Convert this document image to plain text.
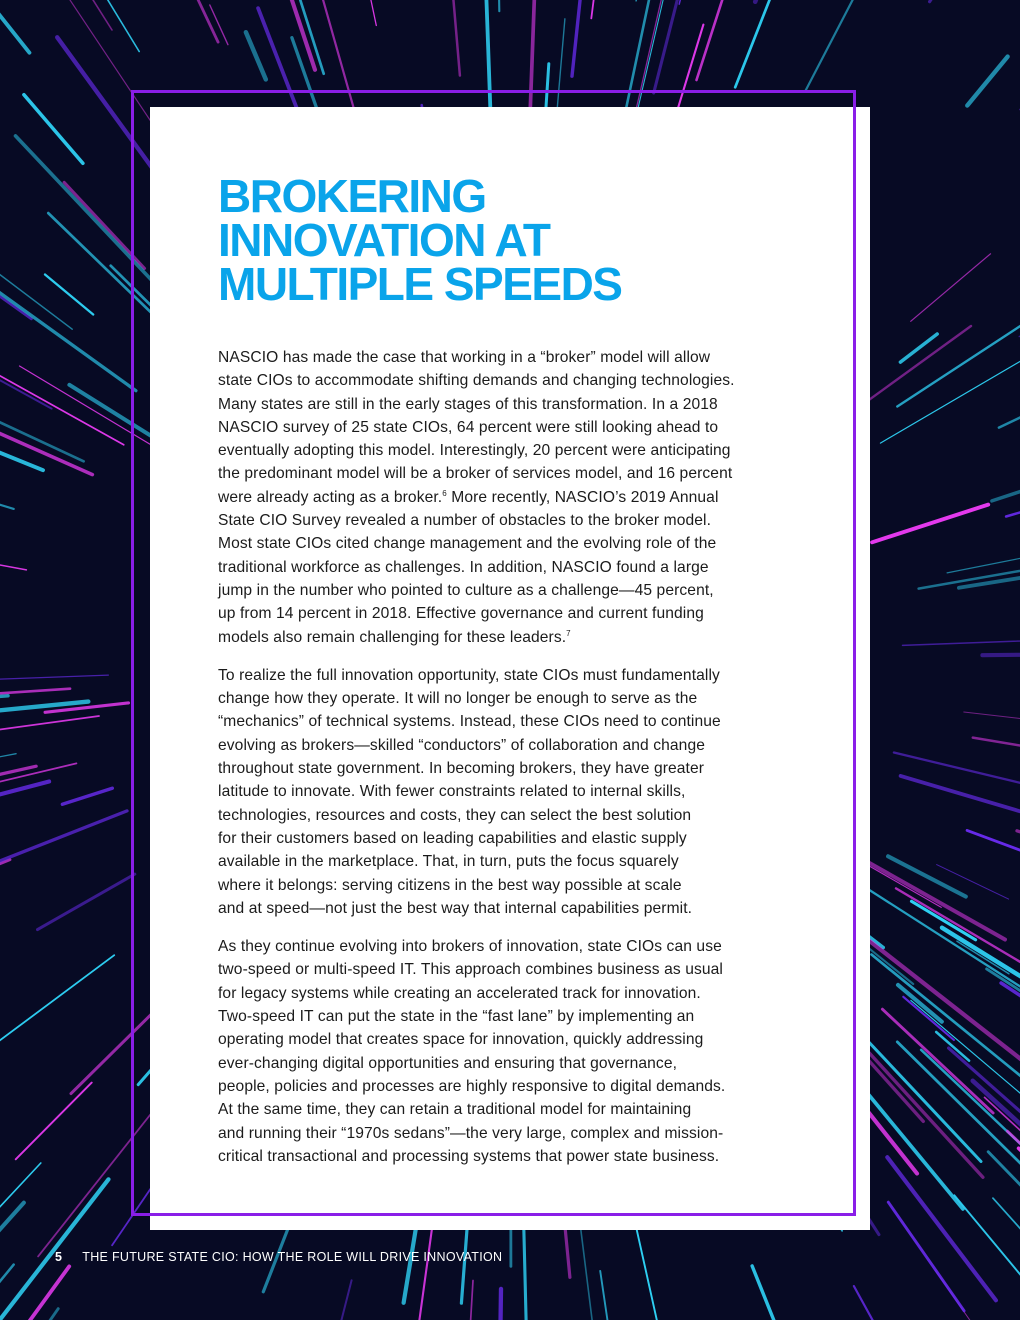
BROKERING
INNOVATION AT
MULTIPLE SPEEDS

NASCIO has made the case that working in a “broker” model will allow
state CIOs to accommodate shifting demands and changing technologies.
Many states are still in the early stages of this transformation. In a 2018
NASCIO survey of 25 state CIOs, 64 percent were still looking ahead to
eventually adopting this model. Interestingly, 20 percent were anticipating
the predominant model will be a broker of services model, and 16 percent
were already acting as a broker.$^6$ More recently, NASCIO’s 2019 Annual
State CIO Survey revealed a number of obstacles to the broker model.
Most state CIOs cited change management and the evolving role of the
traditional workforce as challenges. In addition, NASCIO found a large
jump in the number who pointed to culture as a challenge—45 percent,
up from 14 percent in 2018. Effective governance and current funding
models also remain challenging for these leaders.$^7$

To realize the full innovation opportunity, state CIOs must fundamentally
change how they operate. It will no longer be enough to serve as the
“mechanics” of technical systems. Instead, these CIOs need to continue
evolving as brokers—skilled “conductors” of collaboration and change
throughout state government. In becoming brokers, they have greater
latitude to innovate. With fewer constraints related to internal skills,
technologies, resources and costs, they can select the best solution
for their customers based on leading capabilities and elastic supply
available in the marketplace. That, in turn, puts the focus squarely
where it belongs: serving citizens in the best way possible at scale
and at speed—not just the best way that internal capabilities permit.

As they continue evolving into brokers of innovation, state CIOs can use
two-speed or multi-speed IT. This approach combines business as usual
for legacy systems while creating an accelerated track for innovation.
Two-speed IT can put the state in the “fast lane” by implementing an
operating model that creates space for innovation, quickly addressing
ever-changing digital opportunities and ensuring that governance,
people, policies and processes are highly responsive to digital demands.
At the same time, they can retain a traditional model for maintaining
and running their “1970s sedans”—the very large, complex and mission-
critical transactional and processing systems that power state business.

5 THE FUTURE STATE CIO: HOW THE ROLE WILL DRIVE INNOVATION
